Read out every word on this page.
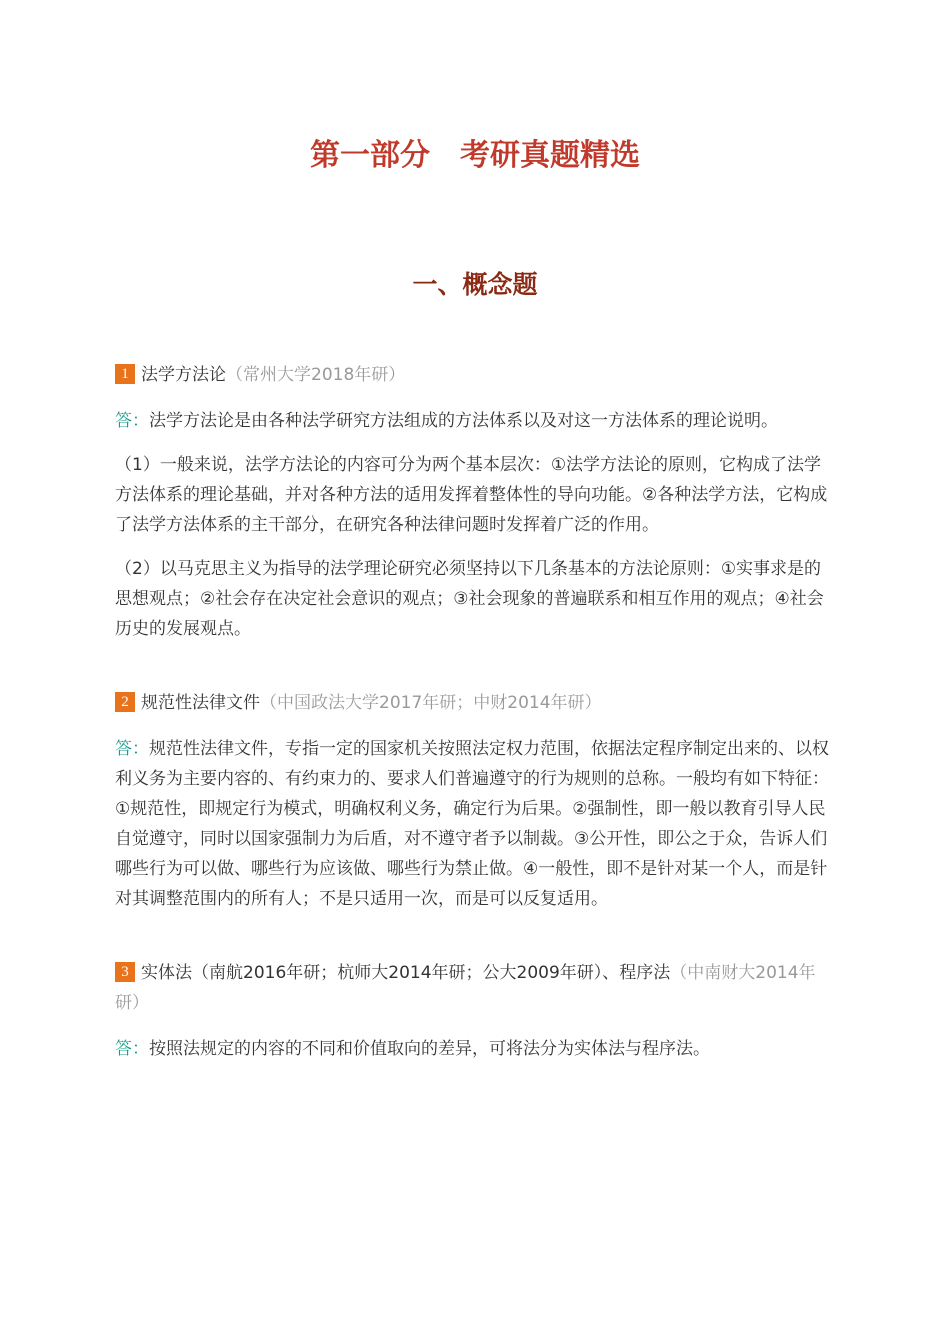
第一部分　考研真题精选
一、概念题
1 法学方法论（常州大学2018年研）

答：法学方法论是由各种法学研究方法组成的方法体系以及对这一方法体系的理论说明。

（1）一般来说，法学方法论的内容可分为两个基本层次：①法学方法论的原则，它构成了法学方法体系的理论基础，并对各种方法的适用发挥着整体性的导向功能。②各种法学方法，它构成了法学方法体系的主干部分，在研究各种法律问题时发挥着广泛的作用。

（2）以马克思主义为指导的法学理论研究必须坚持以下几条基本的方法论原则：①实事求是的思想观点；②社会存在决定社会意识的观点；③社会现象的普遍联系和相互作用的观点；④社会历史的发展观点。

2 规范性法律文件（中国政法大学2017年研；中财2014年研）

答：规范性法律文件，专指一定的国家机关按照法定权力范围，依据法定程序制定出来的、以权利义务为主要内容的、有约束力的、要求人们普遍遵守的行为规则的总称。一般均有如下特征：①规范性，即规定行为模式，明确权利义务，确定行为后果。②强制性，即一般以教育引导人民自觉遵守，同时以国家强制力为后盾，对不遵守者予以制裁。③公开性，即公之于众，告诉人们哪些行为可以做、哪些行为应该做、哪些行为禁止做。④一般性，即不是针对某一个人，而是针对其调整范围内的所有人；不是只适用一次，而是可以反复适用。

3 实体法（南航2016年研；杭师大2014年研；公大2009年研）、程序法（中南财大2014年研）

答：按照法规定的内容的不同和价值取向的差异，可将法分为实体法与程序法。
